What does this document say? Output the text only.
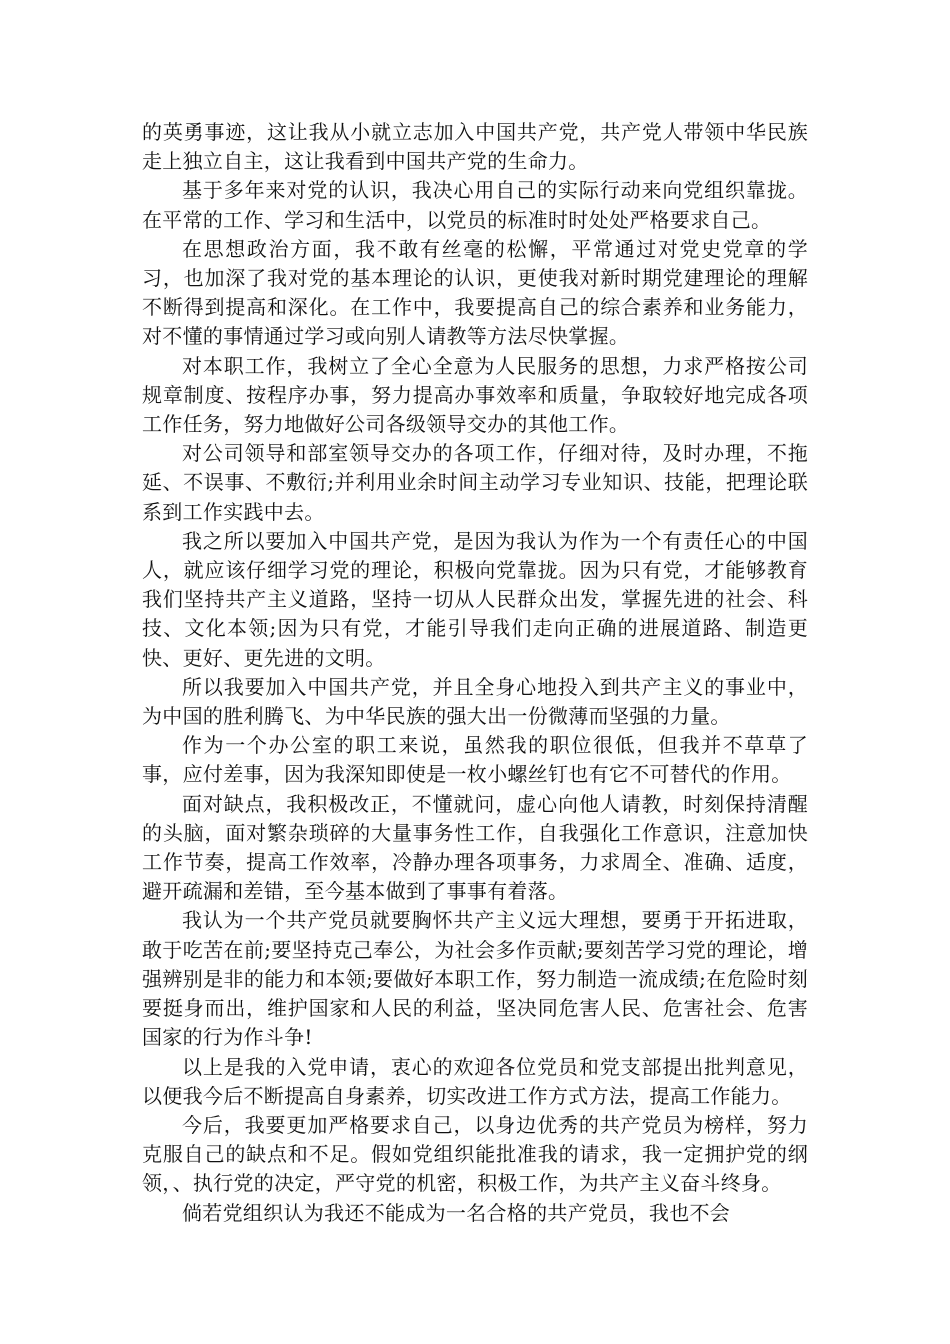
的英勇事迹，这让我从小就立志加入中国共产党，共产党人带领中华民族走上独立自主，这让我看到中国共产党的生命力。

基于多年来对党的认识，我决心用自己的实际行动来向党组织靠拢。在平常的工作、学习和生活中，以党员的标准时时处处严格要求自己。

在思想政治方面，我不敢有丝毫的松懈，平常通过对党史党章的学习，也加深了我对党的基本理论的认识，更使我对新时期党建理论的理解不断得到提高和深化。在工作中，我要提高自己的综合素养和业务能力，对不懂的事情通过学习或向别人请教等方法尽快掌握。

对本职工作，我树立了全心全意为人民服务的思想，力求严格按公司规章制度、按程序办事，努力提高办事效率和质量，争取较好地完成各项工作任务，努力地做好公司各级领导交办的其他工作。

对公司领导和部室领导交办的各项工作，仔细对待，及时办理，不拖延、不误事、不敷衍;并利用业余时间主动学习专业知识、技能，把理论联系到工作实践中去。

我之所以要加入中国共产党，是因为我认为作为一个有责任心的中国人，就应该仔细学习党的理论，积极向党靠拢。因为只有党，才能够教育我们坚持共产主义道路，坚持一切从人民群众出发，掌握先进的社会、科技、文化本领;因为只有党，才能引导我们走向正确的进展道路、制造更快、更好、更先进的文明。

所以我要加入中国共产党，并且全身心地投入到共产主义的事业中，为中国的胜利腾飞、为中华民族的强大出一份微薄而坚强的力量。

作为一个办公室的职工来说，虽然我的职位很低，但我并不草草了事，应付差事，因为我深知即使是一枚小螺丝钉也有它不可替代的作用。

面对缺点，我积极改正，不懂就问，虚心向他人请教，时刻保持清醒的头脑，面对繁杂琐碎的大量事务性工作，自我强化工作意识，注意加快工作节奏，提高工作效率，冷静办理各项事务，力求周全、准确、适度，避开疏漏和差错，至今基本做到了事事有着落。

我认为一个共产党员就要胸怀共产主义远大理想，要勇于开拓进取，敢于吃苦在前;要坚持克己奉公，为社会多作贡献;要刻苦学习党的理论，增强辨别是非的能力和本领;要做好本职工作，努力制造一流成绩;在危险时刻要挺身而出，维护国家和人民的利益，坚决同危害人民、危害社会、危害国家的行为作斗争!

以上是我的入党申请，衷心的欢迎各位党员和党支部提出批判意见，以便我今后不断提高自身素养，切实改进工作方式方法，提高工作能力。

今后，我要更加严格要求自己，以身边优秀的共产党员为榜样，努力克服自己的缺点和不足。假如党组织能批准我的请求，我一定拥护党的纲领，、执行党的决定，严守党的机密，积极工作，为共产主义奋斗终身。

倘若党组织认为我还不能成为一名合格的共产党员，我也不会
